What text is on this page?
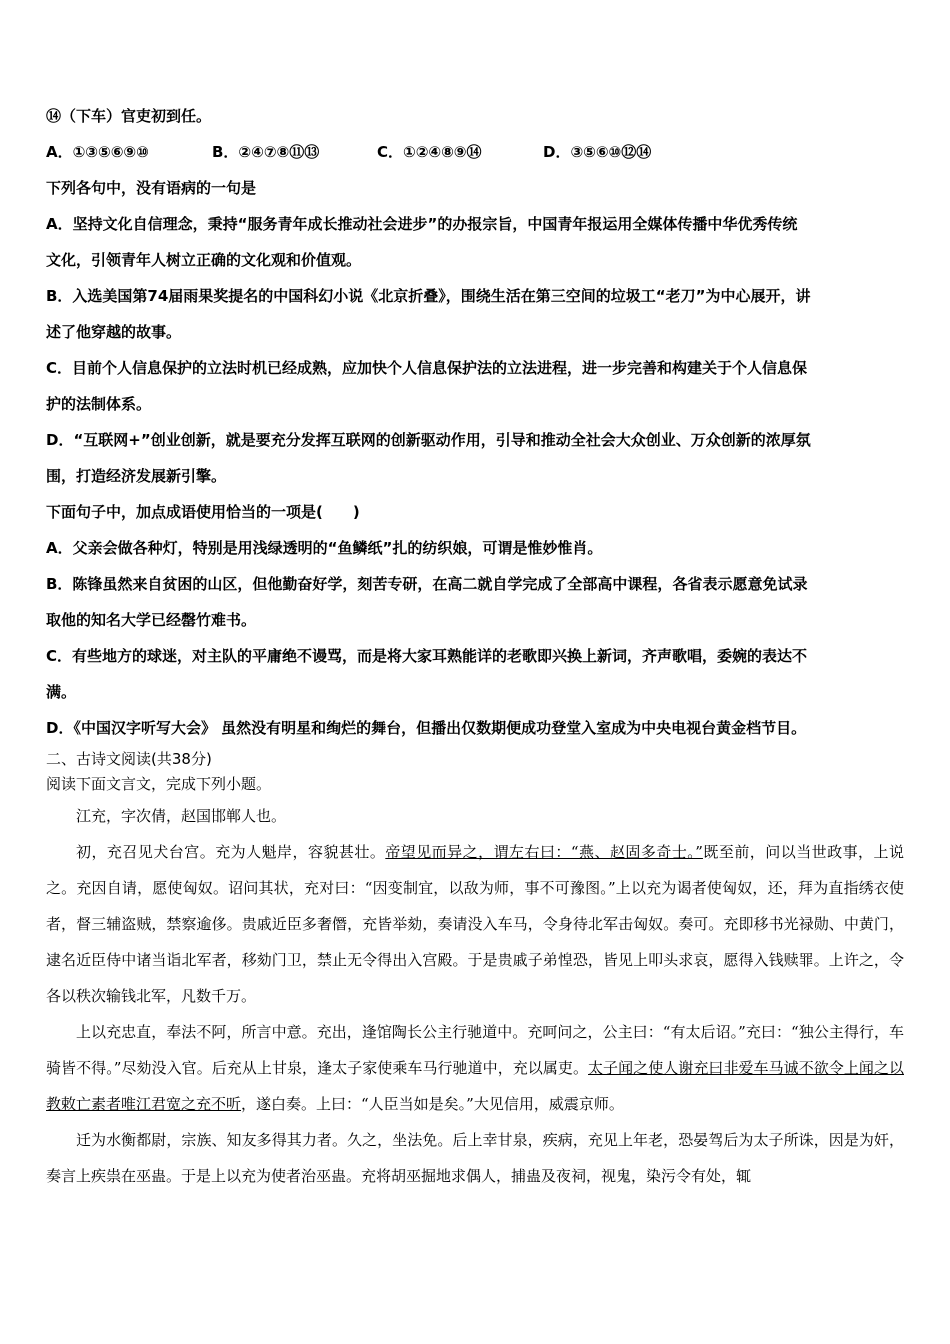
⑭（下车）官吏初到任。
A．①③⑤⑥⑨⑩	B．②④⑦⑧⑪⑬	C．①②④⑧⑨⑭	D．③⑤⑥⑩⑫⑭
下列各句中，没有语病的一句是
A．坚持文化自信理念，秉持“服务青年成长推动社会进步”的办报宗旨，中国青年报运用全媒体传播中华优秀传统
文化，引领青年人树立正确的文化观和价值观。
B．入选美国第74届雨果奖提名的中国科幻小说《北京折叠》，围绕生活在第三空间的垃圾工“老刀”为中心展开，讲
述了他穿越的故事。
C．目前个人信息保护的立法时机已经成熟，应加快个人信息保护法的立法进程，进一步完善和构建关于个人信息保
护的法制体系。
D．“互联网+”创业创新，就是要充分发挥互联网的创新驱动作用，引导和推动全社会大众创业、万众创新的浓厚氛
围，打造经济发展新引擎。
下面句子中，加点成语使用恰当的一项是(　　)
A．父亲会做各种灯，特别是用浅绿透明的“鱼鳞纸”扎的纺织娘，可谓是惟妙惟肖。
B．陈锋虽然来自贫困的山区，但他勤奋好学，刻苦专研，在高二就自学完成了全部高中课程，各省表示愿意免试录
取他的知名大学已经罄竹难书。
C．有些地方的球迷，对主队的平庸绝不谩骂，而是将大家耳熟能详的老歌即兴换上新词，齐声歌唱，委婉的表达不
满。
D．《中国汉字听写大会》 虽然没有明星和绚烂的舞台，但播出仅数期便成功登堂入室成为中央电视台黄金档节目。
二、古诗文阅读(共38分)
阅读下面文言文，完成下列小题。

江充，字次倩，赵国邯郸人也。

初，充召见犬台宫。充为人魁岸，容貌甚壮。帝望见而异之，谓左右曰：“燕、赵固多奇士。”既至前，问以当世政事，上说之。充因自请，愿使匈奴。诏问其状，充对曰：“因变制宜，以敌为师，事不可豫图。”上以充为谒者使匈奴，还，拜为直指绣衣使者，督三辅盗贼，禁察逾侈。贵戚近臣多奢僭，充皆举劾，奏请没入车马，令身待北军击匈奴。奏可。充即移书光禄勋、中黄门，逮名近臣侍中诸当诣北军者，移劾门卫，禁止无令得出入宫殿。于是贵戚子弟惶恐，皆见上叩头求哀，愿得入钱赎罪。上许之，令各以秩次输钱北军，凡数千万。

上以充忠直，奉法不阿，所言中意。充出，逢馆陶长公主行驰道中。充呵问之，公主曰：“有太后诏。”充曰：“独公主得行，车骑皆不得。”尽劾没入官。后充从上甘泉，逢太子家使乘车马行驰道中，充以属吏。太子闻之使人谢充曰非爱车马诚不欲令上闻之以教敕亡素者唯江君宽之充不听，遂白奏。上曰：“人臣当如是矣。”大见信用，威震京师。

迁为水衡都尉，宗族、知友多得其力者。久之，坐法免。后上幸甘泉，疾病，充见上年老，恐晏驾后为太子所诛，因是为奸，奏言上疾祟在巫蛊。于是上以充为使者治巫蛊。充将胡巫掘地求偶人，捕蛊及夜祠，视鬼，染污令有处，辄
